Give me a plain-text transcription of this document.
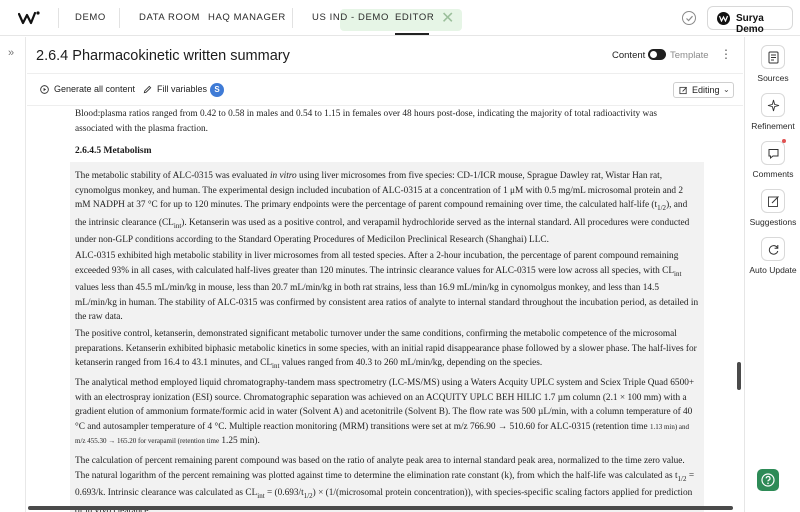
DEMO	DATA ROOM HAQ MANAGER	US IND - DEMO EDITOR ✕	Surya Demo
» 2.6.4 Pharmacokinetic written summary	Content	Template ⋮
Generate all content Fill variables S	Editing ⌄
Blood:plasma ratios ranged from 0.42 to 0.58 in males and 0.54 to 1.15 in females over 48 hours post-dose, indicating the majority of total radioactivity was associated with the plasma fraction.
2.6.4.5 Metabolism
The metabolic stability of ALC-0315 was evaluated in vitro using liver microsomes from five species: CD-1/ICR mouse, Sprague Dawley rat, Wistar Han rat, cynomolgus monkey, and human. The experimental design included incubation of ALC-0315 at a concentration of 1 μM with 0.5 mg/mL microsomal protein and 2 mM NADPH at 37 °C for up to 120 minutes. The primary endpoints were the percentage of parent compound remaining over time, the calculated half-life $(t_{1/2})$, and the intrinsic clearance $(CL_{int})$. Ketanserin was used as a positive control, and verapamil hydrochloride served as the internal standard. All procedures were conducted under non-GLP conditions according to the Standard Operating Procedures of Medicilon Preclinical Research (Shanghai) LLC.
ALC-0315 exhibited high metabolic stability in liver microsomes from all tested species. After a 2-hour incubation, the percentage of parent compound remaining exceeded 93% in all cases, with calculated half-lives greater than 120 minutes. The intrinsic clearance values for ALC-0315 were low across all species, with $CL_{int}$ values less than 45.5 mL/min/kg in mouse, less than 20.7 mL/min/kg in both rat strains, less than 16.9 mL/min/kg in cynomolgus monkey, and less than 14.5 mL/min/kg in human. The stability of ALC-0315 was confirmed by consistent area ratios of analyte to internal standard throughout the incubation period, as detailed in the raw data.
The positive control, ketanserin, demonstrated significant metabolic turnover under the same conditions, confirming the metabolic competence of the microsomal preparations. Ketanserin exhibited biphasic metabolic kinetics in some species, with an initial rapid disappearance phase followed by a slower phase. The half-lives for ketanserin ranged from 16.4 to 43.1 minutes, and $CL_{int}$ values ranged from 40.3 to 260 mL/min/kg, depending on the species.
The analytical method employed liquid chromatography-tandem mass spectrometry (LC-MS/MS) using a Waters Acquity UPLC system and Sciex Triple Quad 6500+ with an electrospray ionization (ESI) source. Chromatographic separation was achieved on an ACQUITY UPLC BEH HILIC 1.7 µm column (2.1 × 100 mm) with a gradient elution of ammonium formate/formic acid in water (Solvent A) and acetonitrile (Solvent B). The flow rate was 500 µL/min, with a column temperature of 40 °C and autosampler temperature of 4 °C. Multiple reaction monitoring (MRM) transitions were set at m/z 766.90 → 510.60 for ALC-0315 (retention time 1.13 min) and m/z 455.30 → 165.20 for verapamil (retention time 1.25 min).
The calculation of percent remaining parent compound was based on the ratio of analyte peak area to internal standard peak area, normalized to the time zero value. The natural logarithm of the percent remaining was plotted against time to determine the elimination rate constant (k), from which the half-life was calculated as $t_{1/2} = 0.693/k$. Intrinsic clearance was calculated as $CL_{int} = (0.693/t_{1/2})$ × (1/(microsomal protein concentration)), with species-specific scaling factors applied for prediction
Sources
Refinement
Comments
Suggestions
Auto Update
